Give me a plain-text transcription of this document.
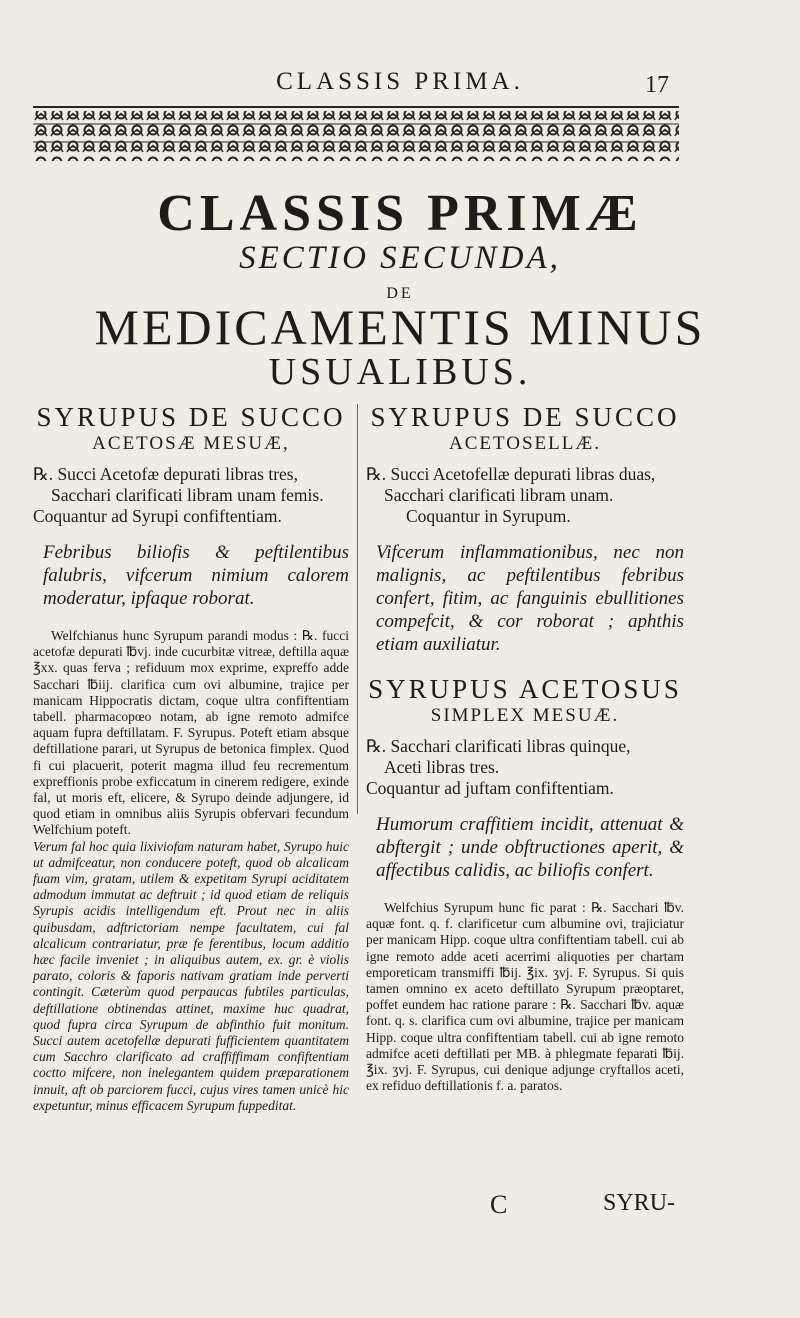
CLASSIS PRIMA.	17
CLASSIS PRIMÆ
SECTIO SECUNDA,
DE
MEDICAMENTIS MINUS
USUALIBUS.
SYRUPUS DE SUCCO
ACETOSÆ MESUÆ,

℞. Succi Acetofæ depurati libras tres,

Sacchari clarificati libram unam femis.

Coquantur ad Syrupi confiftentiam.

Febribus biliofis & peftilentibus falubris, vifcerum nimium calorem moderatur, ipfaque roborat.

Welfchianus hunc Syrupum parandi modus : ℞. fucci acetofæ depurati ℔vj. inde cucurbitæ vitreæ, deftilla aquæ ℥xx. quas ferva ; refiduum mox exprime, expreffo adde Sacchari ℔iij. clarifica cum ovi albumine, trajice per manicam Hippocratis dictam, coque ultra confiftentiam tabell. pharmacopœo notam, ab igne remoto admifce aquam fupra deftillatam. F. Syrupus. Poteft etiam absque deftillatione parari, ut Syrupus de betonica fimplex. Quod fi cui placuerit, poterit magma illud feu recrementum expreffionis probe exficcatum in cinerem redigere, exinde fal, ut moris eft, elicere, & Syrupo deinde adjungere, id quod etiam in omnibus aliis Syrupis obfervari fecundum Welfchium poteft.

Verum fal hoc quia lixiviofam naturam habet, Syrupo huic ut admifceatur, non conducere poteft, quod ob alcalicam fuam vim, gratam, utilem & expetitam Syrupi aciditatem admodum immutat ac deftruit ; id quod etiam de reliquis Syrupis acidis intelligendum eft. Prout nec in aliis quibusdam, adftrictoriam nempe facultatem, cui fal alcalicum contrariatur, præ fe ferentibus, locum additio hæc facile inveniet ; in aliquibus autem, ex. gr. è violis parato, coloris & faporis nativam gratiam inde perverti contingit. Cæterùm quod perpaucas fubtiles particulas, deftillatione obtinendas attinet, maxime huc quadrat, quod fupra circa Syrupum de abfinthio fuit monitum. Succi autem acetofellæ depurati fufficientem quantitatem cum Sacchro clarificato ad craffiffimam confiftentiam coctto mifcere, non inelegantem quidem præparationem innuit, aft ob parciorem fucci, cujus vires tamen unicè hic expetuntur, minus efficacem Syrupum fuppeditat.

SYRUPUS DE SUCCO
ACETOSELLÆ.

℞. Succi Acetofellæ depurati libras duas,

Sacchari clarificati libram unam.

Coquantur in Syrupum.

Vifcerum inflammationibus, nec non malignis, ac peftilentibus febribus confert, fitim, ac fanguinis ebullitiones compefcit, & cor roborat ; aphthis etiam auxiliatur.

SYRUPUS ACETOSUS
SIMPLEX MESUÆ.

℞. Sacchari clarificati libras quinque,

Aceti libras tres.

Coquantur ad juftam confiftentiam.

Humorum craffitiem incidit, attenuat & abftergit ; unde obftructiones aperit, & affectibus calidis, ac biliofis confert.

Welfchius Syrupum hunc fic parat : ℞. Sacchari ℔v. aquæ font. q. f. clarificetur cum albumine ovi, trajiciatur per manicam Hipp. coque ultra confiftentiam tabell. cui ab igne remoto adde aceti acerrimi aliquoties per chartam emporeticam transmiffi ℔ij. ℥ix. ʒvj. F. Syrupus. Si quis tamen omnino ex aceto deftillato Syrupum præoptaret, poffet eundem hac ratione parare : ℞. Sacchari ℔v. aquæ font. q. s. clarifica cum ovi albumine, trajice per manicam Hipp. coque ultra confiftentiam tabell. cui ab igne remoto admifce aceti deftillati per MB. à phlegmate feparati ℔ij. ℥ix. ʒvj. F. Syrupus, cui denique adjunge cryftallos aceti, ex refiduo deftillationis f. a. paratos.

C	SYRU-
